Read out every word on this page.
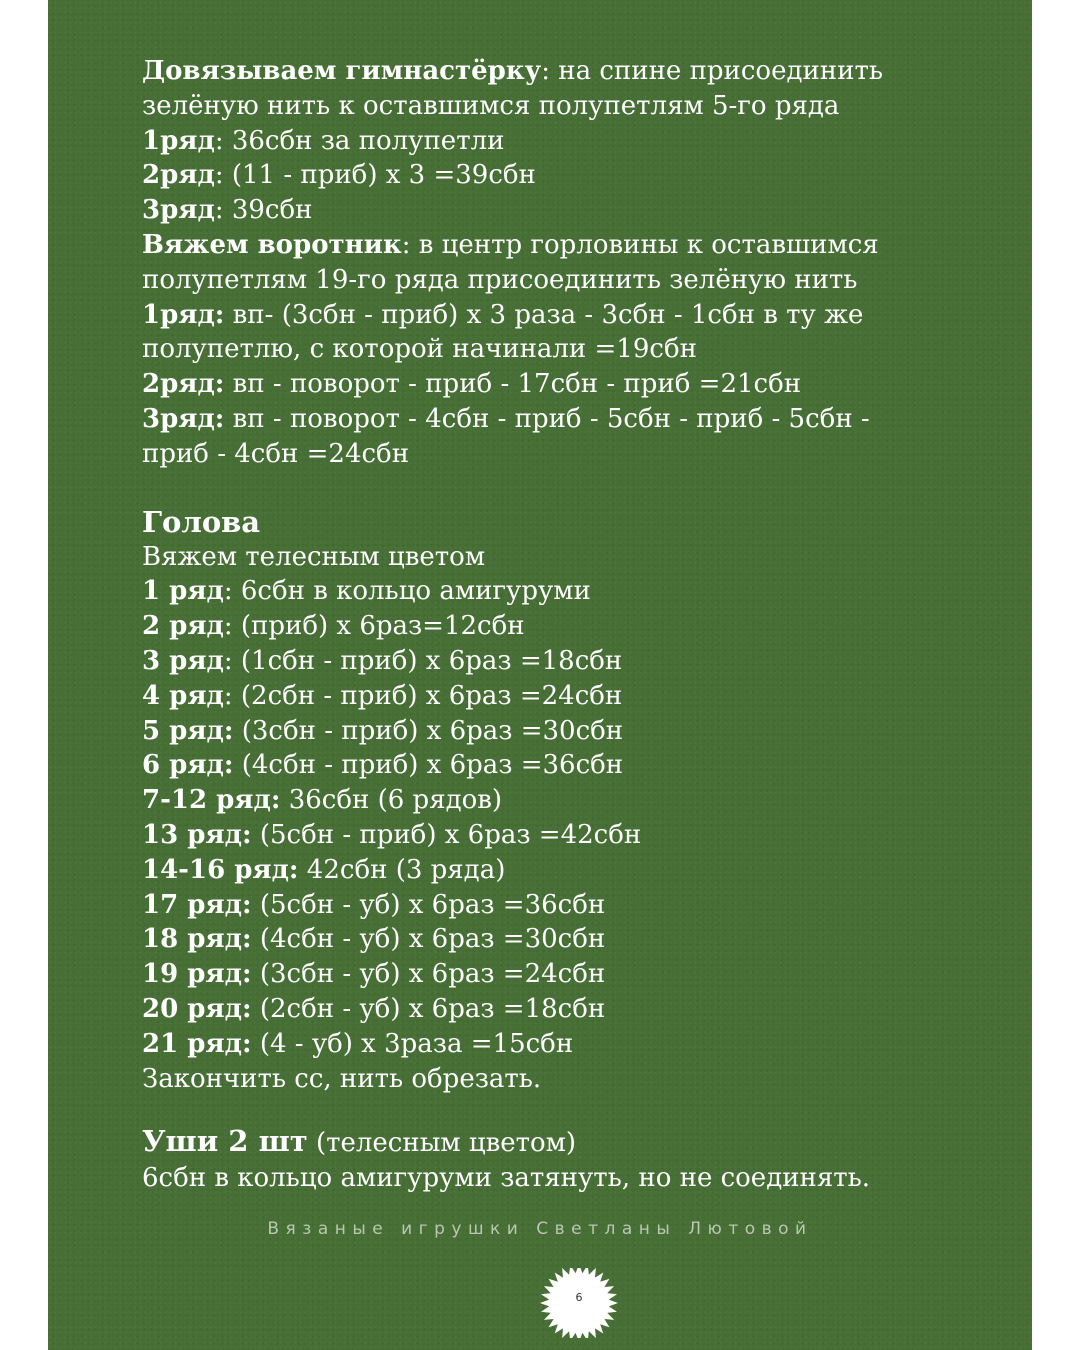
Довязываем гимнастёрку: на спине присоединить
зелёную нить к оставшимся полупетлям 5-го ряда
1ряд: 36сбн за полупетли
2ряд: (11 - приб) х 3 =39сбн
3ряд: 39сбн
Вяжем воротник: в центр горловины к оставшимся
полупетлям 19-го ряда присоединить зелёную нить
1ряд: вп- (3сбн - приб) х 3 раза - 3сбн - 1сбн в ту же
полупетлю, с которой начинали =19сбн
2ряд: вп - поворот - приб - 17сбн - приб =21сбн
3ряд: вп - поворот - 4сбн - приб - 5сбн - приб - 5сбн -
приб - 4сбн =24сбн
Голова
Вяжем телесным цветом
1 ряд: 6сбн в кольцо амигуруми
2 ряд: (приб) х 6раз=12сбн
3 ряд: (1сбн - приб) х 6раз =18сбн
4 ряд: (2сбн - приб) х 6раз =24сбн
5 ряд: (3сбн - приб) х 6раз =30сбн
6 ряд: (4сбн - приб) х 6раз =36сбн
7-12 ряд: 36сбн (6 рядов)
13 ряд: (5сбн - приб) х 6раз =42сбн
14-16 ряд: 42сбн (3 ряда)
17 ряд: (5сбн - уб) х 6раз =36сбн
18 ряд: (4сбн - уб) х 6раз =30сбн
19 ряд: (3сбн - уб) х 6раз =24сбн
20 ряд: (2сбн - уб) х 6раз =18сбн
21 ряд: (4 - уб) х 3раза =15сбн
Закончить сс, нить обрезать.
Уши 2 шт (телесным цветом)
6сбн в кольцо амигуруми затянуть, но не соединять.
Вязаные игрушки Светланы Лютовой
6
